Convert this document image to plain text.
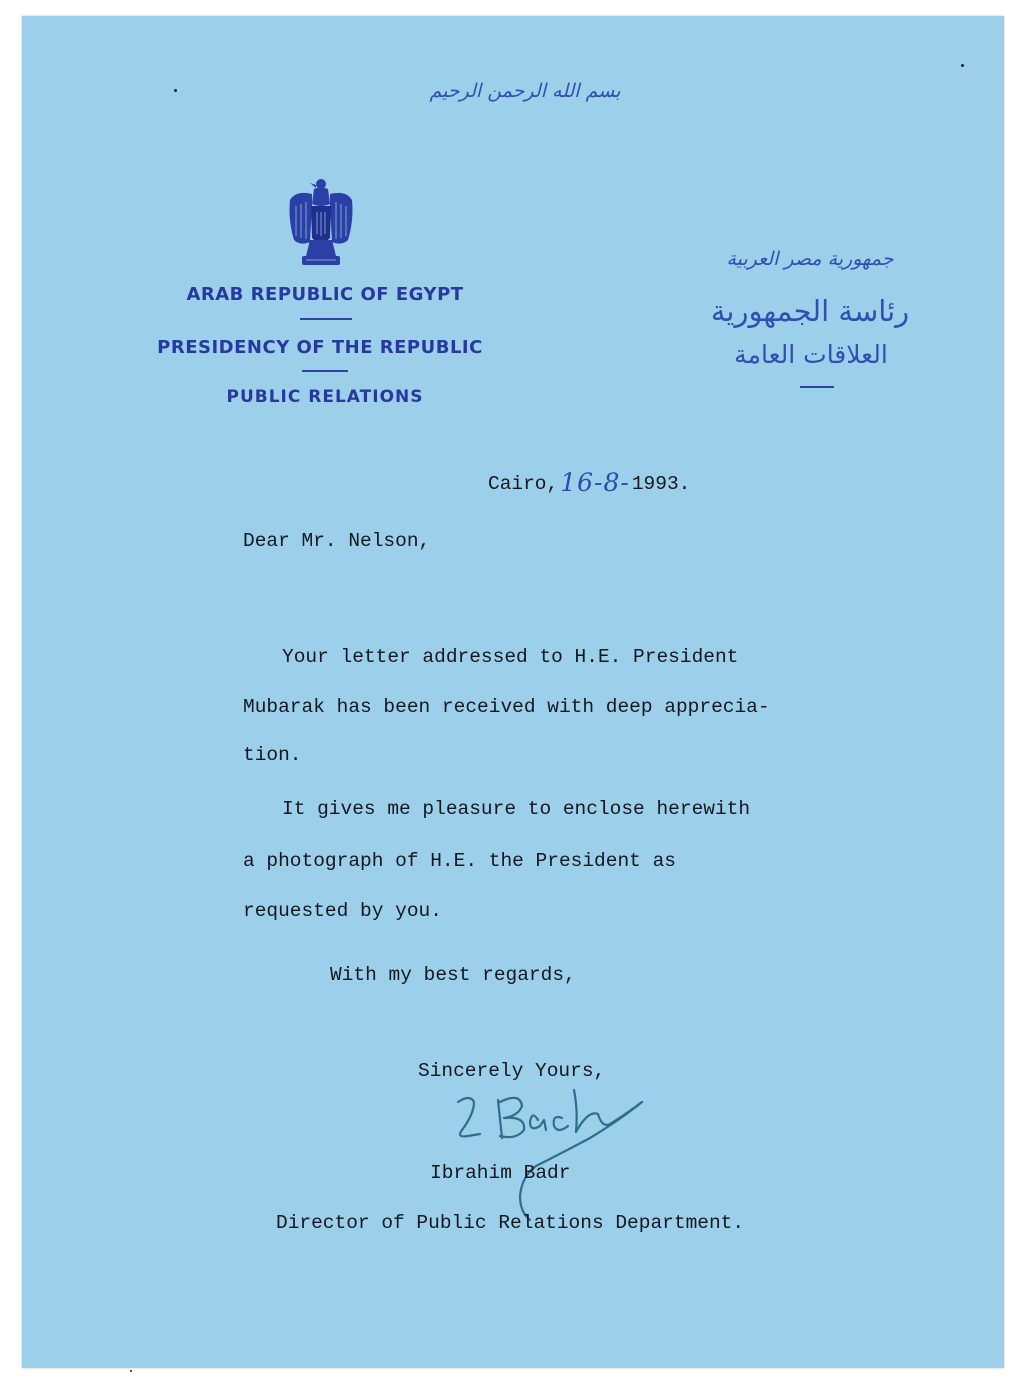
بسم الله الرحمن الرحيم
ARAB REPUBLIC OF EGYPT
PRESIDENCY OF THE REPUBLIC
PUBLIC RELATIONS
جمهورية مصر العربية
رئاسة الجمهورية
العلاقات العامة
Cairo,16-8- 1993.
Dear Mr. Nelson,
Your letter addressed to H.E. President
Mubarak has been received with deep apprecia-
tion.
It gives me pleasure to enclose herewith
a photograph of H.E. the President as
requested by you.
With my best regards,
Sincerely Yours,
Ibrahim Badr
Director of Public Relations Department.
